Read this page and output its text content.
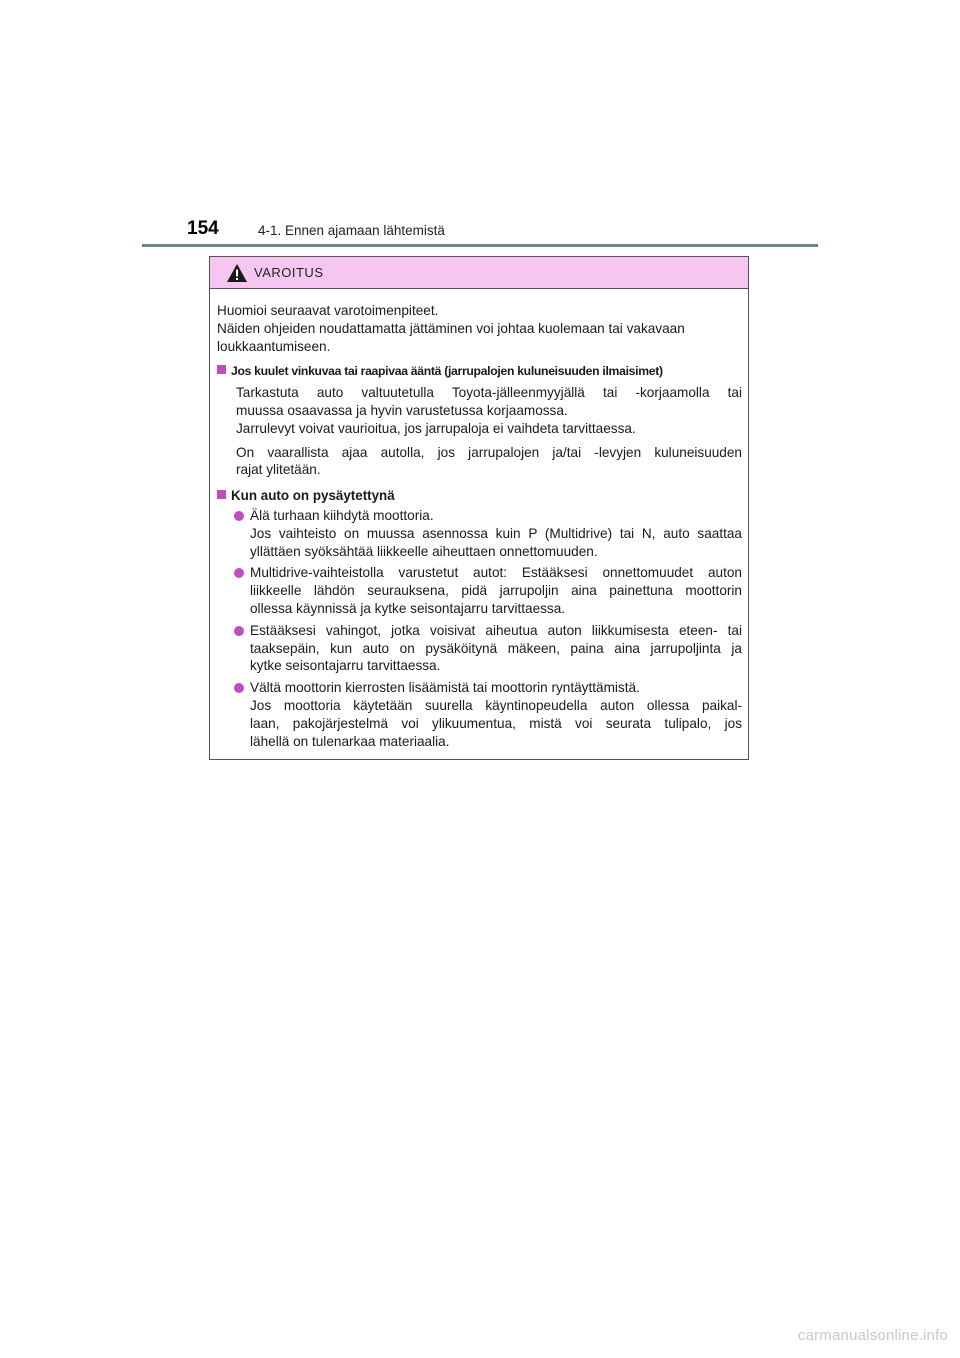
154	4-1. Ennen ajamaan lähtemistä
VAROITUS

Huomioi seuraavat varotoimenpiteet.

Näiden ohjeiden noudattamatta jättäminen voi johtaa kuolemaan tai vakavaan

loukkaantumiseen.

Jos kuulet vinkuvaa tai raapivaa ääntä (jarrupalojen kuluneisuuden ilmaisimet)
Tarkastuta auto valtuutetulla Toyota-jälleenmyyjällä tai -korjaamolla tai
muussa osaavassa ja hyvin varustetussa korjaamossa.
Jarrulevyt voivat vaurioitua, jos jarrupaloja ei vaihdeta tarvittaessa.
On vaarallista ajaa autolla, jos jarrupalojen ja/tai -levyjen kuluneisuuden
rajat ylitetään.
Kun auto on pysäytettynä
Älä turhaan kiihdytä moottoria.
Jos vaihteisto on muussa asennossa kuin P (Multidrive) tai N, auto saattaa
yllättäen syöksähtää liikkeelle aiheuttaen onnettomuuden.
Multidrive-vaihteistolla varustetut autot: Estääksesi onnettomuudet auton
liikkeelle lähdön seurauksena, pidä jarrupoljin aina painettuna moottorin
ollessa käynnissä ja kytke seisontajarru tarvittaessa.
Estääksesi vahingot, jotka voisivat aiheutua auton liikkumisesta eteen- tai
taaksepäin, kun auto on pysäköitynä mäkeen, paina aina jarrupoljinta ja
kytke seisontajarru tarvittaessa.
Vältä moottorin kierrosten lisäämistä tai moottorin ryntäyttämistä.
Jos moottoria käytetään suurella käyntinopeudella auton ollessa paikal-
laan, pakojärjestelmä voi ylikuumentua, mistä voi seurata tulipalo, jos
lähellä on tulenarkaa materiaalia.
carmanualsonline.info
